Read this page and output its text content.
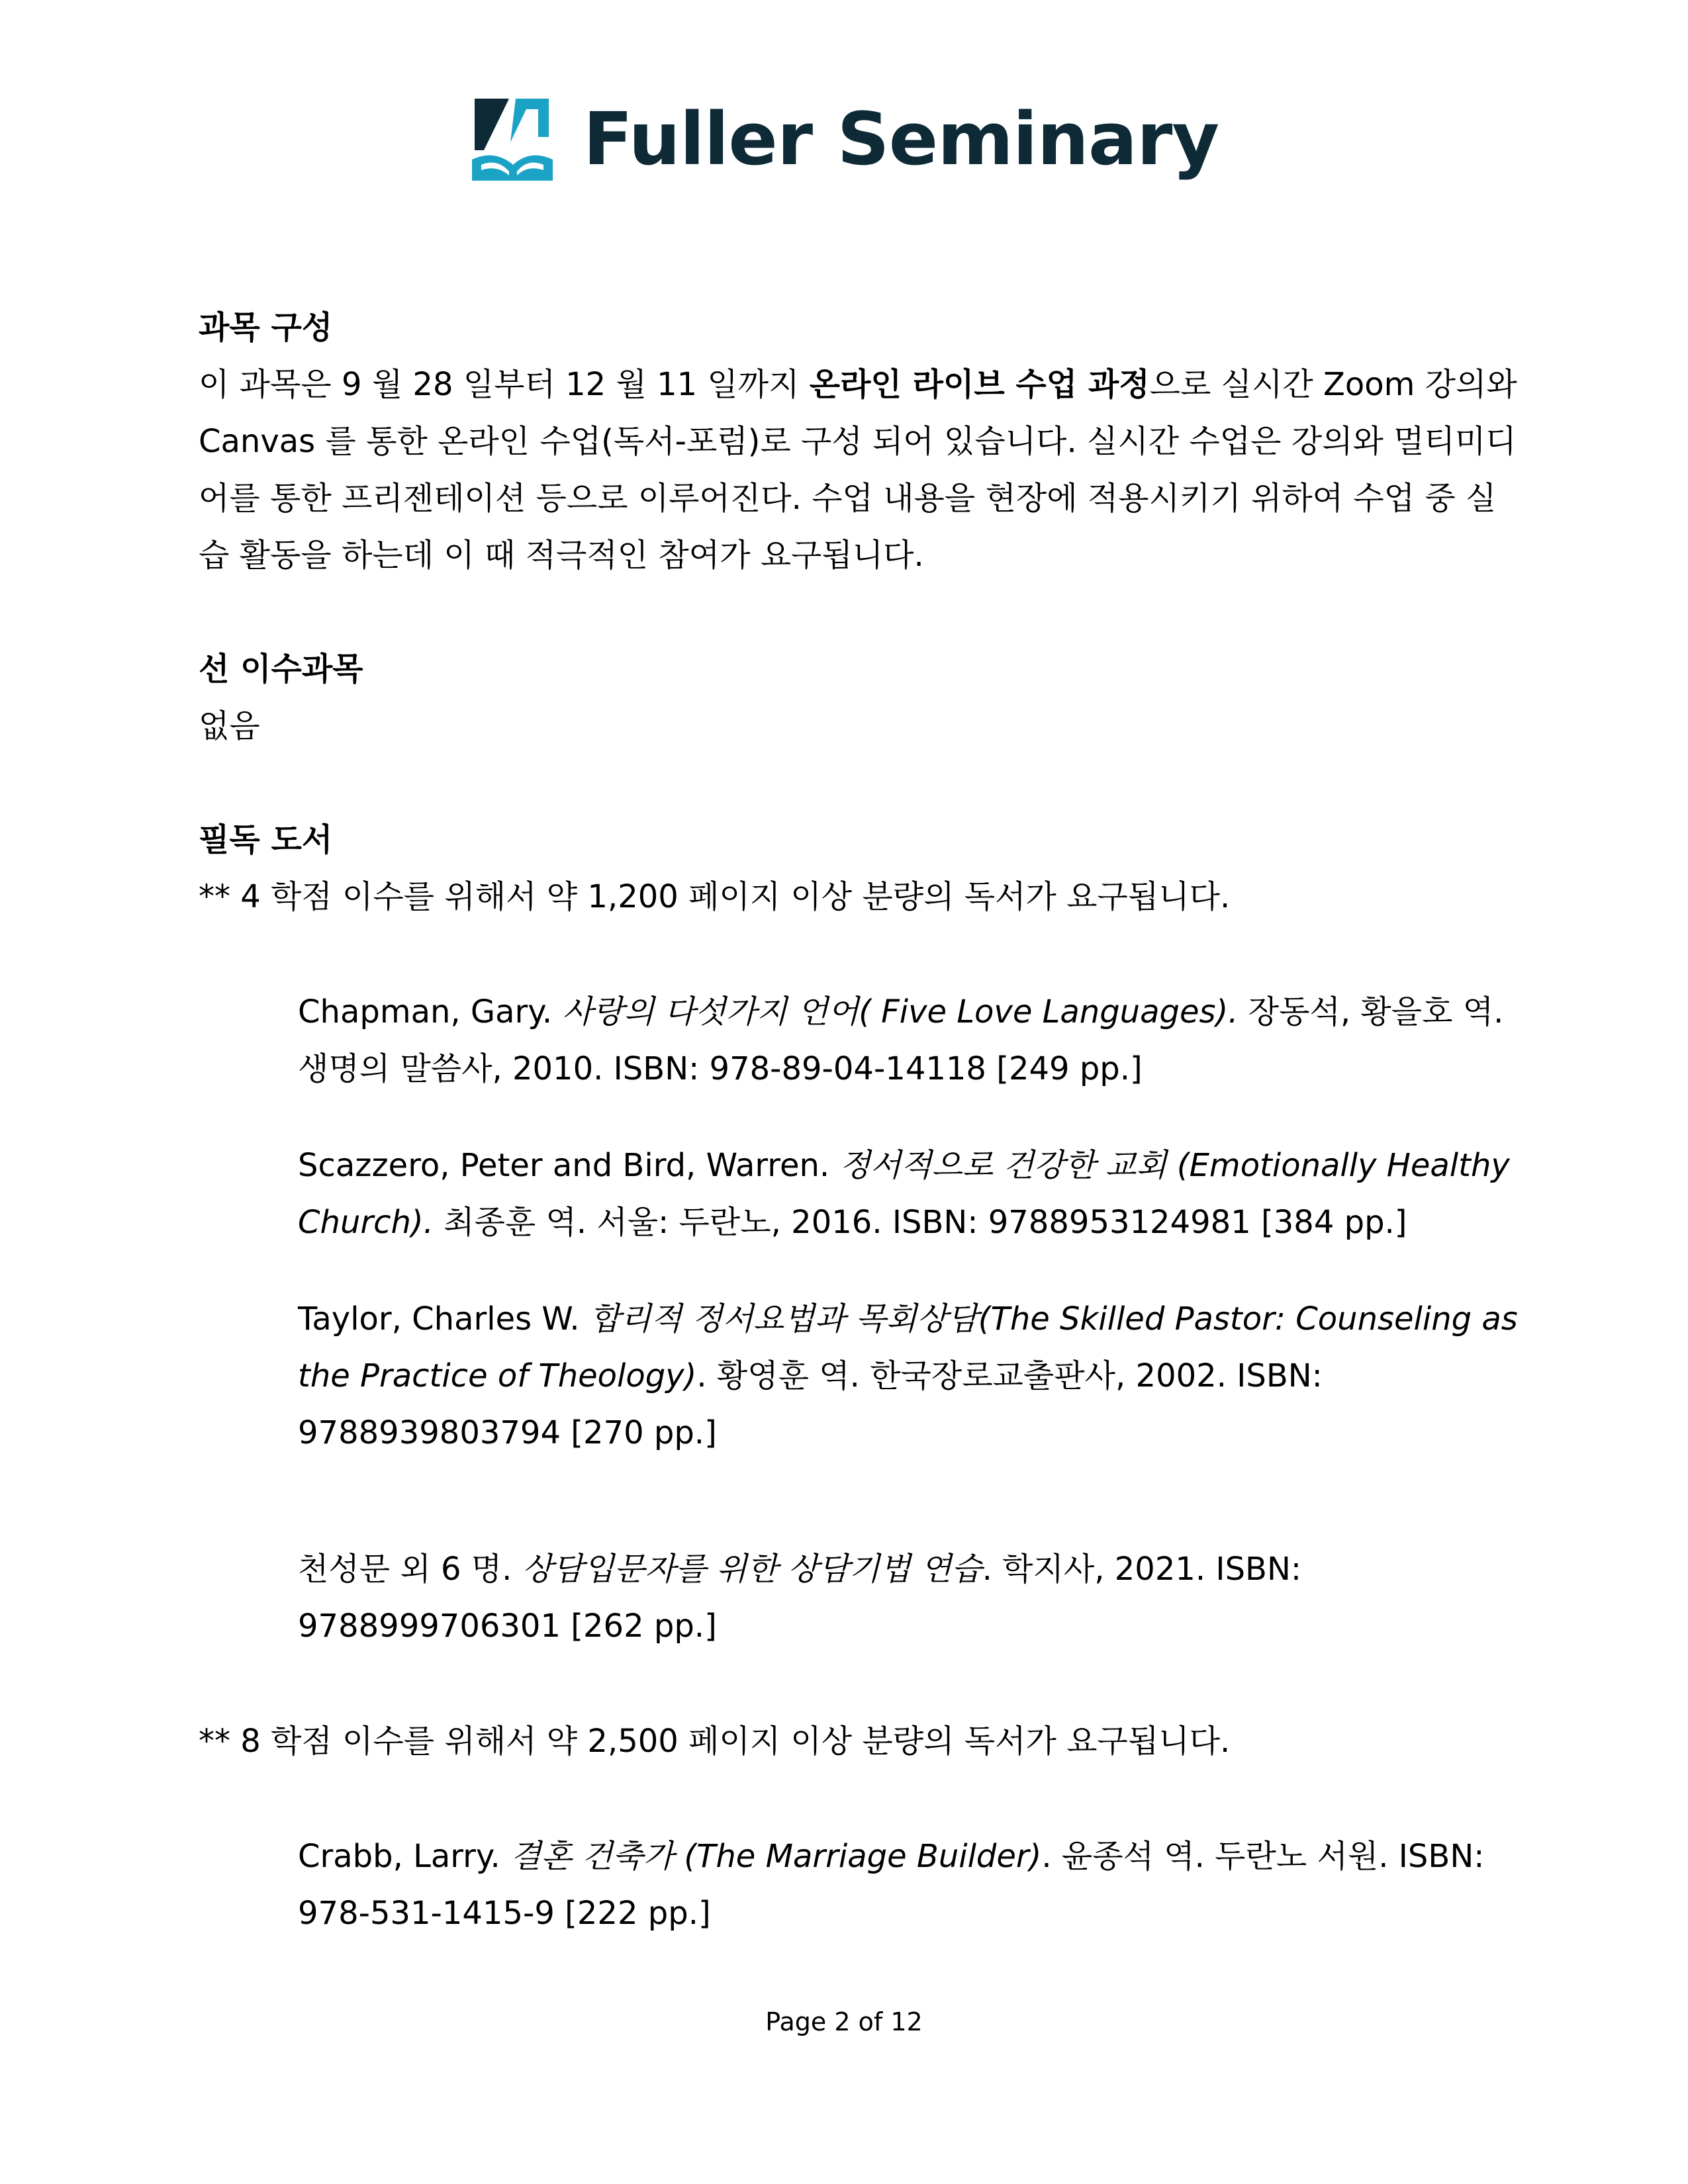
Fuller Seminary

과목 구성

이 과목은 9 월 28 일부터 12 월 11 일까지 온라인 라이브 수업 과정으로 실시간 Zoom 강의와 Canvas 를 통한 온라인 수업(독서-포럼)로 구성 되어 있습니다. 실시간 수업은 강의와 멀티미디어를 통한 프리젠테이션 등으로 이루어진다. 수업 내용을 현장에 적용시키기 위하여 수업 중 실습 활동을 하는데 이 때 적극적인 참여가 요구됩니다.

선 이수과목

없음

필독 도서

** 4 학점 이수를 위해서 약 1,200 페이지 이상 분량의 독서가 요구됩니다.

Chapman, Gary. 사랑의 다섯가지 언어( Five Love Languages). 장동석, 황을호 역. 생명의 말씀사, 2010. ISBN: 978-89-04-14118 [249 pp.]

Scazzero, Peter and Bird, Warren. 정서적으로 건강한 교회 (Emotionally Healthy Church). 최종훈 역. 서울: 두란노, 2016. ISBN: 9788953124981 [384 pp.]

Taylor, Charles W. 합리적 정서요법과 목회상담(The Skilled Pastor: Counseling as the Practice of Theology). 황영훈 역. 한국장로교출판사, 2002. ISBN: 9788939803794 [270 pp.]

천성문 외 6 명. 상담입문자를 위한 상담기법 연습. 학지사, 2021. ISBN: 9788999706301 [262 pp.]

** 8 학점 이수를 위해서 약 2,500 페이지 이상 분량의 독서가 요구됩니다.

Crabb, Larry. 결혼 건축가 (The Marriage Builder). 윤종석 역. 두란노 서원. ISBN: 978-531-1415-9 [222 pp.]

Page 2 of 12
